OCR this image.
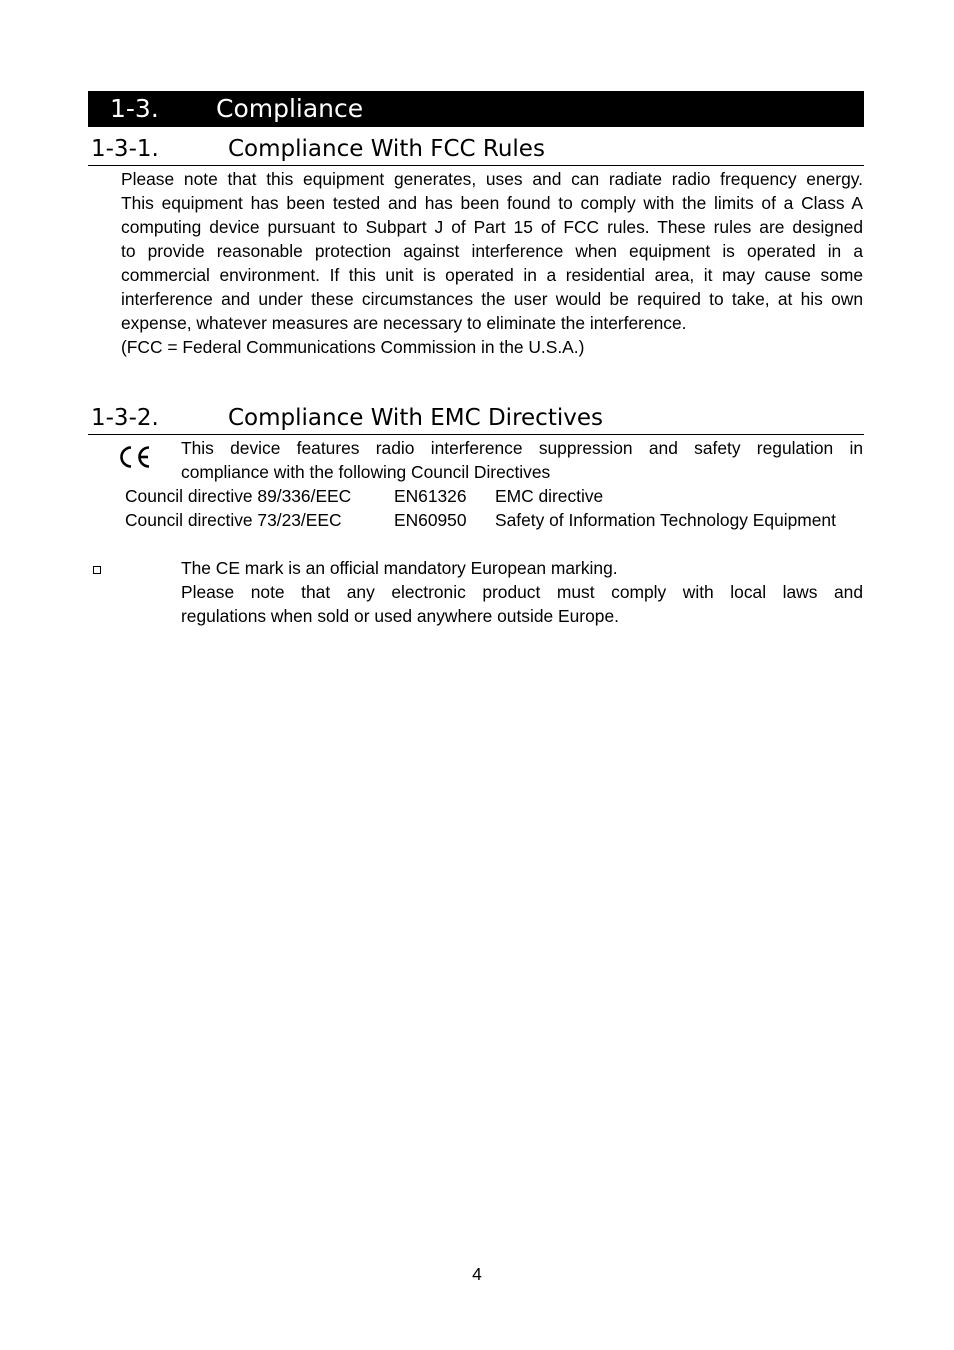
1-3. Compliance
1-3-1.	Compliance With FCC Rules
Please note that this equipment generates, uses and can radiate radio frequency energy.
This equipment has been tested and has been found to comply with the limits of a Class A
computing device pursuant to Subpart J of Part 15 of FCC rules. These rules are designed
to provide reasonable protection against interference when equipment is operated in a
commercial environment. If this unit is operated in a residential area, it may cause some
interference and under these circumstances the user would be required to take, at his own
expense, whatever measures are necessary to eliminate the interference.
(FCC = Federal Communications Commission in the U.S.A.)
1-3-2.	Compliance With EMC Directives
This device features radio interference suppression and safety regulation in
compliance with the following Council Directives
Council directive 89/336/EEC EN61326 EMC directive
Council directive 73/23/EEC	EN60950 Safety of Information Technology Equipment
The CE mark is an official mandatory European marking.
Please note that any electronic product must comply with local laws and
regulations when sold or used anywhere outside Europe.
4
